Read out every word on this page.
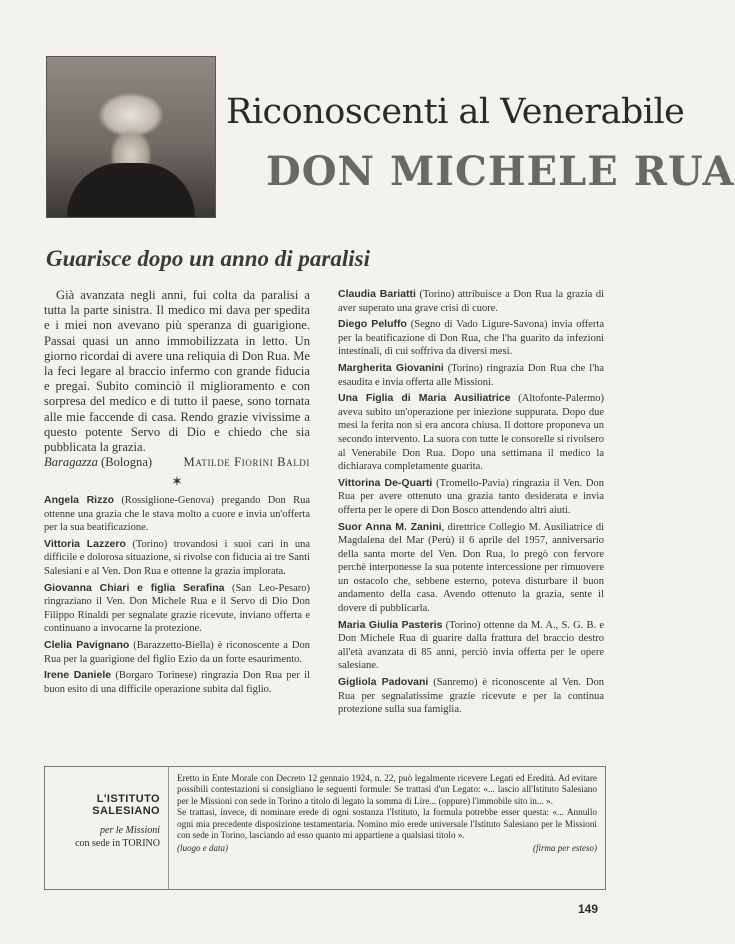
Riconoscenti al Venerabile
DON MICHELE RUA
Guarisce dopo un anno di paralisi

Già avanzata negli anni, fui colta da paralisi a tutta la parte sinistra. Il medico mi dava per spedita e i miei non avevano più speranza di guarigione. Passai quasi un anno immobilizzata in letto. Un giorno ricordai di avere una reliquia di Don Rua. Me la feci legare al braccio infermo con grande fiducia e pregai. Subito cominciò il miglioramento e con sorpresa del medico e di tutto il paese, sono tornata alle mie faccende di casa. Rendo grazie vivissime a questo potente Servo di Dio e chiedo che sia pubblicata la grazia.

Baragazza (Bologna) Matilde Fiorini Baldi
✶

Angela Rizzo (Rossiglione-Genova) pregando Don Rua ottenne una grazia che le stava molto a cuore e invia un'offerta per la sua beatificazione.

Vittoria Lazzero (Torino) trovandosi i suoi cari in una difficile e dolorosa situazione, si rivolse con fiducia ai tre Santi Salesiani e al Ven. Don Rua e ottenne la grazia implorata.

Giovanna Chiari e figlia Serafina (San Leo-Pesaro) ringraziano il Ven. Don Michele Rua e il Servo di Dio Don Filippo Rinaldi per segnalate grazie ricevute, inviano offerta e continuano a invocarne la protezione.

Clelia Pavignano (Barazzetto-Biella) è riconoscente a Don Rua per la guarigione del figlio Ezio da un forte esaurimento.

Irene Daniele (Borgaro Torinese) ringrazia Don Rua per il buon esito di una difficile operazione subita dal figlio.

Claudia Bariatti (Torino) attribuisce a Don Rua la grazia di aver superato una grave crisi di cuore.

Diego Peluffo (Segno di Vado Ligure-Savona) invia offerta per la beatificazione di Don Rua, che l'ha guarito da infezioni intestinali, di cui soffriva da diversi mesi.

Margherita Giovanini (Torino) ringrazia Don Rua che l'ha esaudita e invia offerta alle Missioni.

Una Figlia di Maria Ausiliatrice (Altofonte-Palermo) aveva subito un'operazione per iniezione suppurata. Dopo due mesi la ferita non si era ancora chiusa. Il dottore proponeva un secondo intervento. La suora con tutte le consorelle si rivolsero al Venerabile Don Rua. Dopo una settimana il medico la dichiarava completamente guarita.

Vittorina De-Quarti (Tromello-Pavia) ringrazia il Ven. Don Rua per avere ottenuto una grazia tanto desiderata e invia offerta per le opere di Don Bosco attendendo altri aiuti.

Suor Anna M. Zanini, direttrice Collegio M. Ausiliatrice di Magdalena del Mar (Perù) il 6 aprile del 1957, anniversario della santa morte del Ven. Don Rua, lo pregò con fervore perchè interponesse la sua potente intercessione per rimuovere un ostacolo che, sebbene esterno, poteva disturbare il buon andamento della casa. Avendo ottenuto la grazia, sente il dovere di pubblicarla.

Maria Giulia Pasteris (Torino) ottenne da M. A., S. G. B. e Don Michele Rua di guarire dalla frattura del braccio destro all'età avanzata di 85 anni, perciò invia offerta per le opere salesiane.

Gigliola Padovani (Sanremo) è riconoscente al Ven. Don Rua per segnalatissime grazie ricevute e per la continua protezione sulla sua famiglia.

L'ISTITUTO SALESIANO
per le Missioni
con sede in TORINO

Eretto in Ente Morale con Decreto 12 gennaio 1924, n. 22, può legalmente ricevere Legati ed Eredità. Ad evitare possibili contestazioni si consigliano le seguenti formule: Se trattasi d'un Legato: «... lascio all'Istituto Salesiano per le Missioni con sede in Torino a titolo di legato la somma di Lire... (oppure) l'immobile sito in... ».

Se trattasi, invece, di nominare erede di ogni sostanza l'Istituto, la formula potrebbe esser questa: «... Annullo ogni mia precedente disposizione testamentaria. Nomino mio erede universale l'Istituto Salesiano per le Missioni con sede in Torino, lasciando ad esso quanto mi appartiene a qualsiasi titolo ».

(luogo e data)	(firma per esteso)
149
